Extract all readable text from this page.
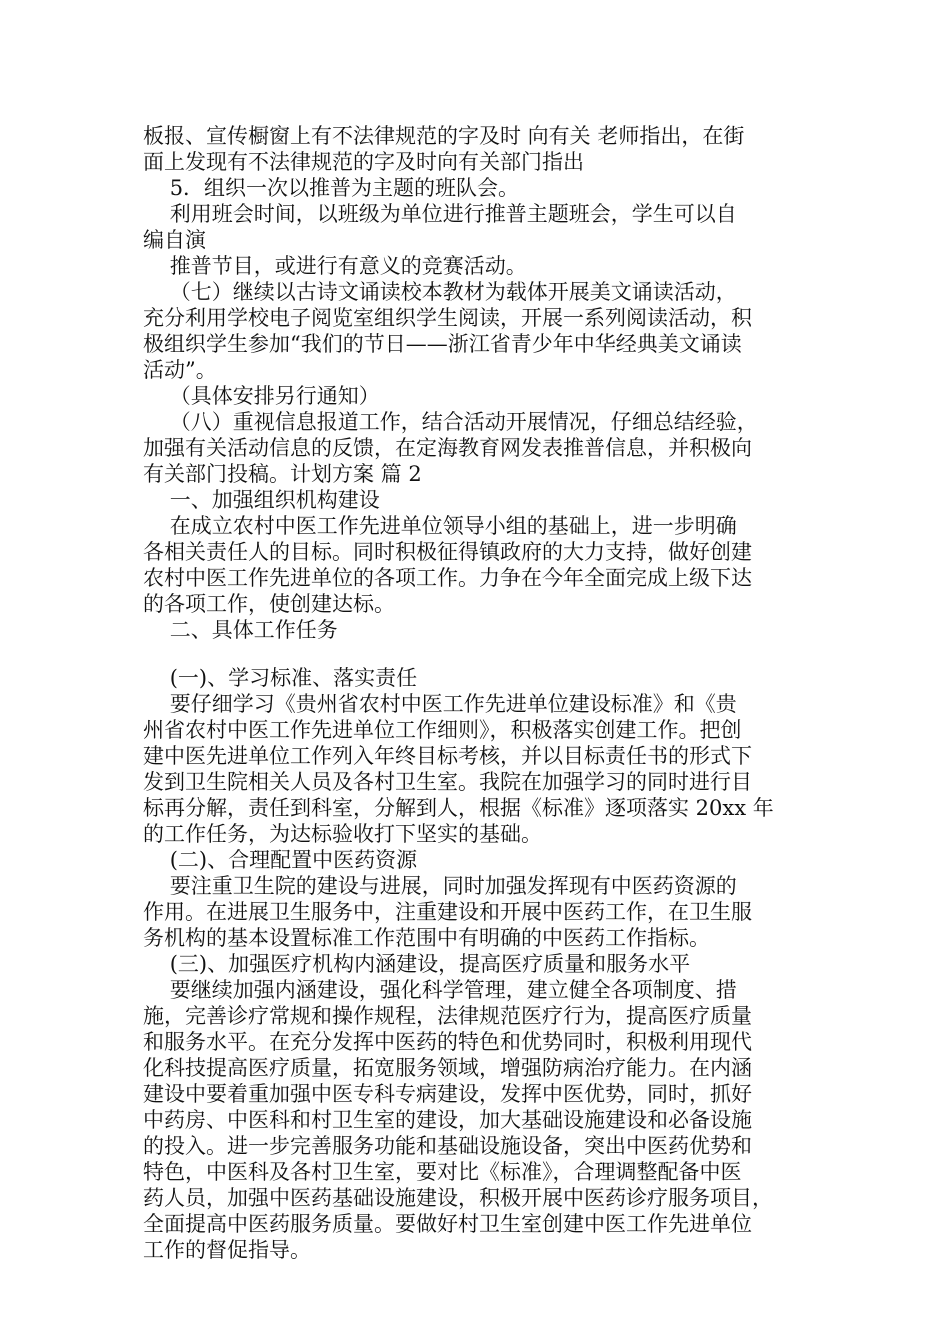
板报、宣传橱窗上有不法律规范的字及时 向有关 老师指出，在街
面上发现有不法律规范的字及时向有关部门指出
5．组织一次以推普为主题的班队会。
利用班会时间，以班级为单位进行推普主题班会，学生可以自
编自演
推普节目，或进行有意义的竞赛活动。
（七）继续以古诗文诵读校本教材为载体开展美文诵读活动，
充分利用学校电子阅览室组织学生阅读，开展一系列阅读活动，积
极组织学生参加“我们的节日——浙江省青少年中华经典美文诵读
活动”。
（具体安排另行通知）
（八）重视信息报道工作，结合活动开展情况，仔细总结经验，
加强有关活动信息的反馈，在定海教育网发表推普信息，并积极向
有关部门投稿。计划方案 篇 2
一、加强组织机构建设
在成立农村中医工作先进单位领导小组的基础上，进一步明确
各相关责任人的目标。同时积极征得镇政府的大力支持，做好创建
农村中医工作先进单位的各项工作。力争在今年全面完成上级下达
的各项工作，使创建达标。
二、具体工作任务
(一)、学习标准、落实责任
要仔细学习《贵州省农村中医工作先进单位建设标准》和《贵
州省农村中医工作先进单位工作细则》，积极落实创建工作。把创
建中医先进单位工作列入年终目标考核，并以目标责任书的形式下
发到卫生院相关人员及各村卫生室。我院在加强学习的同时进行目
标再分解，责任到科室，分解到人，根据《标准》逐项落实 20xx 年
的工作任务，为达标验收打下坚实的基础。
(二)、合理配置中医药资源
要注重卫生院的建设与进展，同时加强发挥现有中医药资源的
作用。在进展卫生服务中，注重建设和开展中医药工作，在卫生服
务机构的基本设置标准工作范围中有明确的中医药工作指标。
(三)、加强医疗机构内涵建设，提高医疗质量和服务水平
要继续加强内涵建设，强化科学管理，建立健全各项制度、措
施，完善诊疗常规和操作规程，法律规范医疗行为，提高医疗质量
和服务水平。在充分发挥中医药的特色和优势同时，积极利用现代
化科技提高医疗质量，拓宽服务领域，增强防病治疗能力。在内涵
建设中要着重加强中医专科专病建设，发挥中医优势，同时，抓好
中药房、中医科和村卫生室的建设，加大基础设施建设和必备设施
的投入。进一步完善服务功能和基础设施设备，突出中医药优势和
特色，中医科及各村卫生室，要对比《标准》，合理调整配备中医
药人员，加强中医药基础设施建设，积极开展中医药诊疗服务项目，
全面提高中医药服务质量。要做好村卫生室创建中医工作先进单位
工作的督促指导。
